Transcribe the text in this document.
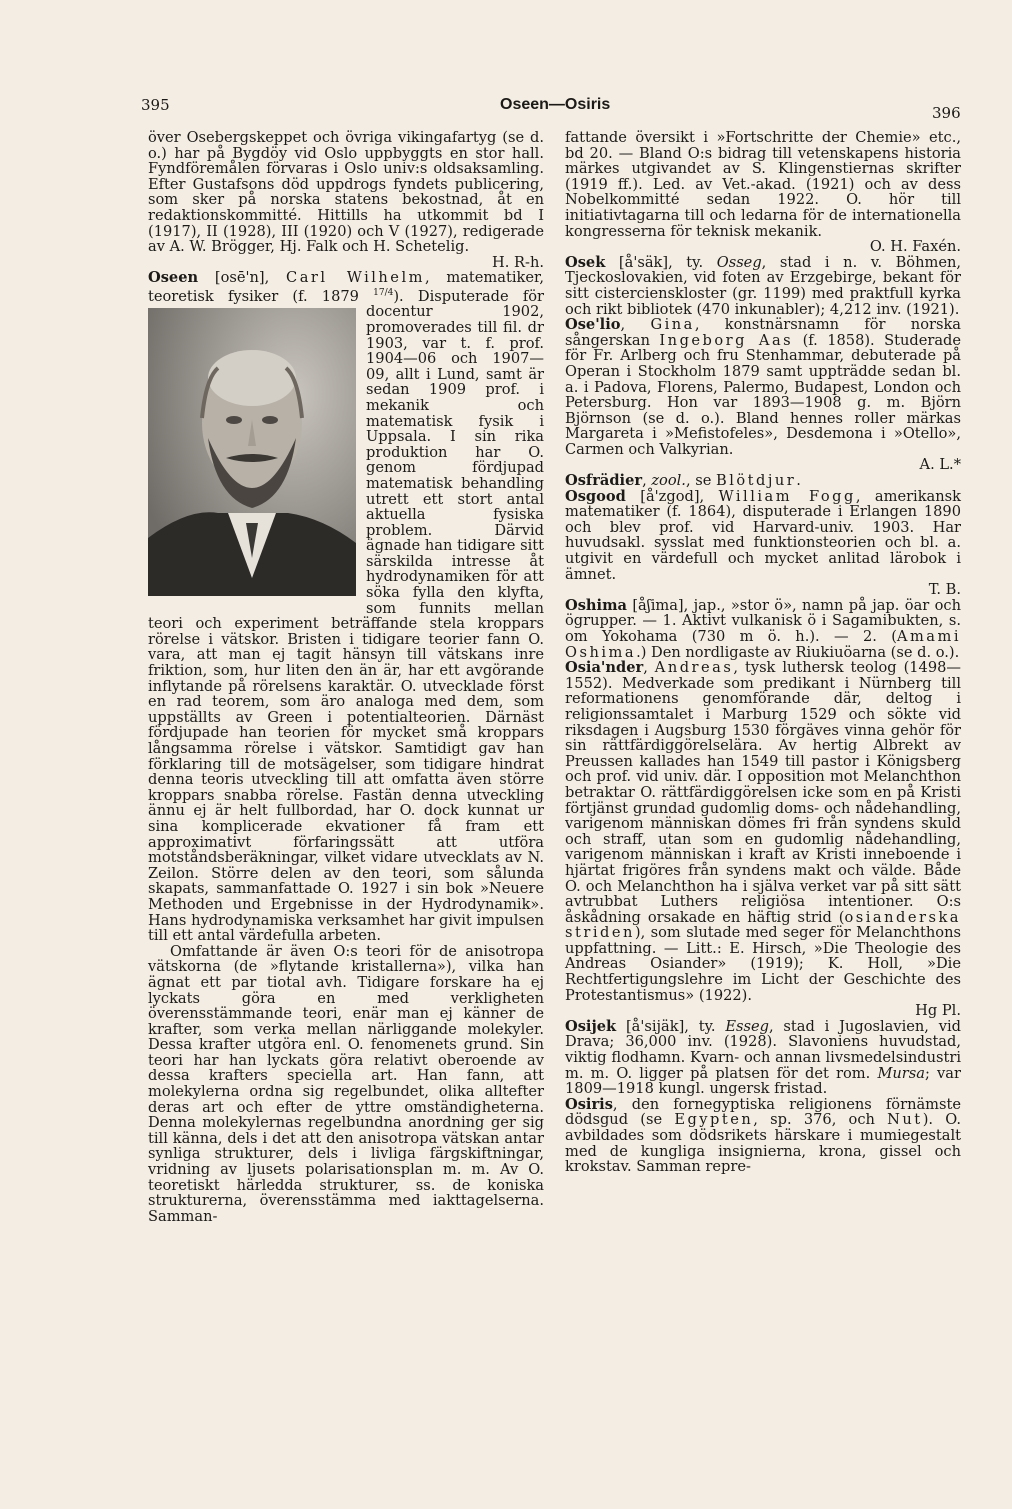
395	Oseen—Osiris	396

över Osebergskeppet och övriga vikingafartyg (se d. o.) har på Bygdöy vid Oslo uppbyggts en stor hall. Fyndföremålen förvaras i Oslo univ:s oldsaksamling. Efter Gustafsons död uppdrogs fyndets publicering, som sker på norska statens bekostnad, åt en redaktionskommitté. Hittills ha utkommit bd I (1917), II (1928), III (1920) och V (1927), redigerade av A. W. Brögger, Hj. Falk och H. Schetelig.

H. R-h.

Oseen [osē'n], Carl Wilhelm, matematiker, teoretisk fysiker (f. 1879 $^{17/4}$
). Disputerade för docentur 1902, promoverades till fil. dr 1903, var t. f. prof. 1904—06 och 1907—09, allt i Lund, samt är sedan 1909 prof. i mekanik och matematisk fysik i Uppsala. I sin rika produktion har O. genom fördjupad matematisk behandling utrett ett stort antal aktuella fysiska problem. Därvid ägnade han tidigare sitt särskilda intresse åt hydrodynamiken för att söka fylla den klyfta, som funnits mellan teori och experiment beträffande stela kroppars rörelse i vätskor. Bristen i tidigare teorier fann O. vara, att man ej tagit hänsyn till vätskans inre friktion, som, hur liten den än är, har ett avgörande inflytande på rörelsens karaktär. O. utvecklade först en rad teorem, som äro analoga med dem, som uppställts av Green i potentialteorien. Därnäst fördjupade han teorien för mycket små kroppars långsamma rörelse i vätskor. Samtidigt gav han förklaring till de motsägelser, som tidigare hindrat denna teoris utveckling till att omfatta även större kroppars snabba rörelse. Fastän denna utveckling ännu ej är helt fullbordad, har O. dock kunnat ur sina komplicerade ekvationer få fram ett approximativt förfaringssätt att utföra motståndsberäkningar, vilket vidare utvecklats av N. Zeilon. Större delen av den teori, som sålunda skapats, sammanfattade O. 1927 i sin bok »Neuere Methoden und Ergebnisse in der Hydrodynamik». Hans hydrodynamiska verksamhet har givit impulsen till ett antal värdefulla arbeten.

Omfattande är även O:s teori för de anisotropa vätskorna (de »flytande kristallerna»), vilka han ägnat ett par tiotal avh. Tidigare forskare ha ej lyckats göra en med verkligheten överensstämmande teori, enär man ej känner de krafter, som verka mellan närliggande molekyler. Dessa krafter utgöra enl. O. fenomenets grund. Sin teori har han lyckats göra relativt oberoende av dessa krafters speciella art. Han fann, att molekylerna ordna sig regelbundet, olika alltefter deras art och efter de yttre omständigheterna. Denna molekylernas regelbundna anordning ger sig till känna, dels i det att den anisotropa vätskan antar synliga strukturer, dels i livliga färgskiftningar, vridning av ljusets polarisationsplan m. m. Av O. teoretiskt härledda strukturer, ss. de koniska strukturerna, överensstämma med iakttagelserna. Samman-

fattande översikt i »Fortschritte der Chemie» etc., bd 20. — Bland O:s bidrag till vetenskapens historia märkes utgivandet av S. Klingenstiernas skrifter (1919 ff.). Led. av Vet.-akad. (1921) och av dess Nobelkommitté sedan 1922. O. hör till initiativtagarna till och ledarna för de internationella kongresserna för teknisk mekanik.

O. H. Faxén.

Osek [å'säk], ty. Osseg, stad i n. v. Böhmen, Tjeckoslovakien, vid foten av Erzgebirge, bekant för sitt cistercienskloster (gr. 1199) med praktfull kyrka och rikt bibliotek (470 inkunabler); 4,212 inv. (1921).

Ose'lio, Gina, konstnärsnamn för norska sångerskan Ingeborg Aas (f. 1858). Studerade för Fr. Arlberg och fru Stenhammar, debuterade på Operan i Stockholm 1879 samt uppträdde sedan bl. a. i Padova, Florens, Palermo, Budapest, London och Petersburg. Hon var 1893—1908 g. m. Björn Björnson (se d. o.). Bland hennes roller märkas Margareta i »Mefistofeles», Desdemona i »Otello», Carmen och Valkyrian.

A. L.*

Osfrädier, zool., se Blötdjur.

Osgood [å'zgod], William Fogg, amerikansk matematiker (f. 1864), disputerade i Erlangen 1890 och blev prof. vid Harvard-univ. 1903. Har huvudsakl. sysslat med funktionsteorien och bl. a. utgivit en värdefull och mycket anlitad lärobok i ämnet.

T. B.

Oshima [åʃima], jap., »stor ö», namn på jap. öar och ögrupper. — 1. Aktivt vulkanisk ö i Sagamibukten, s. om Yokohama (730 m ö. h.). — 2. (Amami Oshima.) Den nordligaste av Riukiuöarna (se d. o.).

Osia'nder, Andreas, tysk luthersk teolog (1498—1552). Medverkade som predikant i Nürnberg till reformationens genomförande där, deltog i religionssamtalet i Marburg 1529 och sökte vid riksdagen i Augsburg 1530 förgäves vinna gehör för sin rättfärdiggörelselära. Av hertig Albrekt av Preussen kallades han 1549 till pastor i Königsberg och prof. vid univ. där. I opposition mot Melanchthon betraktar O. rättfärdiggörelsen icke som en på Kristi förtjänst grundad gudomlig doms- och nådehandling, varigenom människan dömes fri från syndens skuld och straff, utan som en gudomlig nådehandling, varigenom människan i kraft av Kristi inneboende i hjärtat frigöres från syndens makt och välde. Både O. och Melanchthon ha i själva verket var på sitt sätt avtrubbat Luthers religiösa intentioner. O:s åskådning orsakade en häftig strid (osianderska striden), som slutade med seger för Melanchthons uppfattning. — Litt.: E. Hirsch, »Die Theologie des Andreas Osiander» (1919); K. Holl, »Die Rechtfertigungslehre im Licht der Geschichte des Protestantismus» (1922).

Hg Pl.

Osijek [å'sijäk], ty. Esseg, stad i Jugoslavien, vid Drava; 36,000 inv. (1928). Slavoniens huvudstad, viktig flodhamn. Kvarn- och annan livsmedelsindustri m. m. O. ligger på platsen för det rom. Mursa; var 1809—1918 kungl. ungersk fristad.

Osiris, den fornegyptiska religionens förnämste dödsgud (se Egypten, sp. 376, och Nut). O. avbildades som dödsrikets härskare i mumiegestalt med de kungliga insignierna, krona, gissel och krokstav. Samman repre-
